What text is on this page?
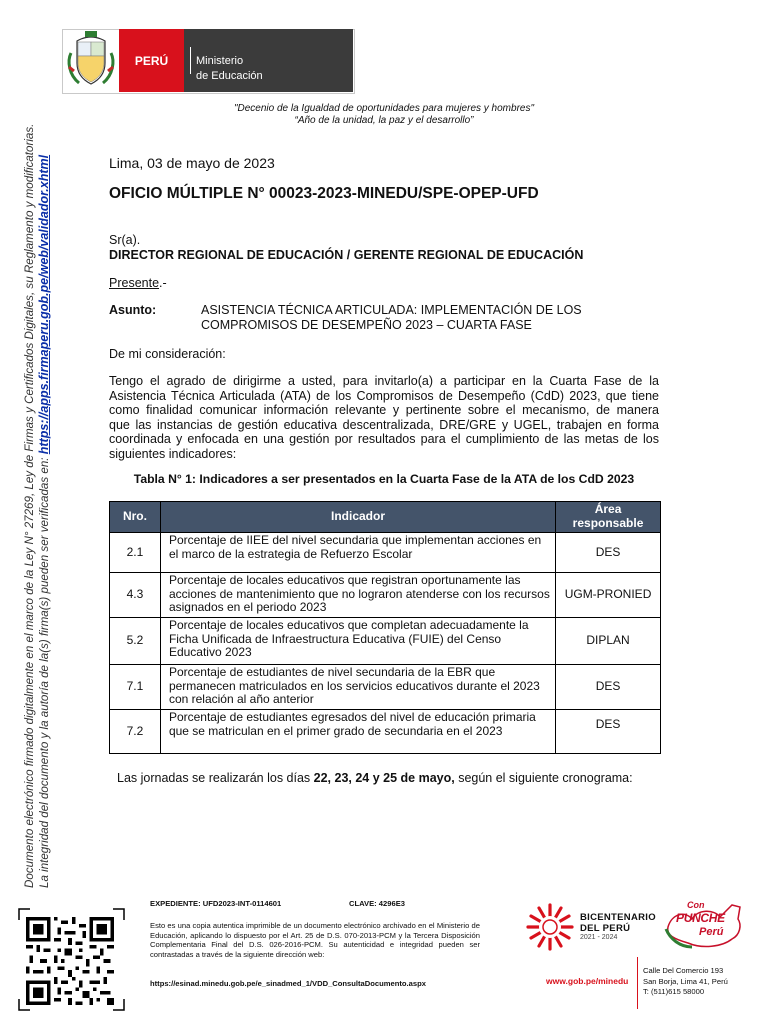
PERÚ	Ministerio
de Educación
"Decenio de la Igualdad de oportunidades para mujeres y hombres"
“Año de la unidad, la paz y el desarrollo”
Documento electrónico firmado digitalmente en el marco de la Ley N° 27269, Ley de Firmas y Certificados Digitales, su Reglamento y modificatorias. La integridad del documento y la autoría de la(s) firma(s) pueden ser verificadas en: https://apps.firmaperu.gob.pe/web/validador.xhtml	Lima, 03 de mayo de 2023
OFICIO MÚLTIPLE N° 00023-2023-MINEDU/SPE-OPEP-UFD
Sr(a).
DIRECTOR REGIONAL DE EDUCACIÓN / GERENTE REGIONAL DE EDUCACIÓN
Presente.-
Asunto:	ASISTENCIA TÉCNICA ARTICULADA: IMPLEMENTACIÓN DE LOS
COMPROMISOS DE DESEMPEÑO 2023 – CUARTA FASE
De mi consideración:
Tengo el agrado de dirigirme a usted, para invitarlo(a) a participar en la Cuarta Fase de la
Asistencia Técnica Articulada (ATA) de los Compromisos de Desempeño (CdD) 2023, que tiene
como finalidad comunicar información relevante y pertinente sobre el mecanismo, de manera
que las instancias de gestión educativa descentralizada, DRE/GRE y UGEL, trabajen en forma
coordinada y enfocada en una gestión por resultados para el cumplimiento de las metas de los
siguientes indicadores:
Tabla N° 1: Indicadores a ser presentados en la Cuarta Fase de la ATA de los CdD 2023
Nro.	Indicador	Área responsable
2.1	Porcentaje de IIEE del nivel secundaria que implementan acciones en el marco de la estrategia de Refuerzo Escolar	DES
4.3	Porcentaje de locales educativos que registran oportunamente las acciones de mantenimiento que no lograron atenderse con los recursos asignados en el periodo 2023	UGM-PRONIED
5.2	Porcentaje de locales educativos que completan adecuadamente la Ficha Unificada de Infraestructura Educativa (FUIE) del Censo Educativo 2023	DIPLAN
7.1	Porcentaje de estudiantes de nivel secundaria de la EBR que permanecen matriculados en los servicios educativos durante el 2023 con relación al año anterior	DES
7.2	Porcentaje de estudiantes egresados del nivel de educación primaria que se matriculan en el primer grado de secundaria en el 2023	DES
Las jornadas se realizarán los días 22, 23, 24 y 25 de mayo, según el siguiente cronograma:
EXPEDIENTE: UFD2023-INT-0114601	CLAVE: 4296E3
Esto es una copia autentica imprimible de un documento electrónico archivado en el Ministerio de Educación, aplicando lo dispuesto por el Art. 25 de D.S. 070-2013-PCM y la Tercera Disposición Complementaria Final del D.S. 026-2016-PCM. Su autenticidad e integridad pueden ser contrastadas a través de la siguiente dirección web:
https://esinad.minedu.gob.pe/e_sinadmed_1/VDD_ConsultaDocumento.aspx
BICENTENARIO
DEL PERÚ
2021 - 2024
Con
PUNCHE
Perú
www.gob.pe/minedu
Calle Del Comercio 193
San Borja, Lima 41, Perú
T: (511)615 58000
